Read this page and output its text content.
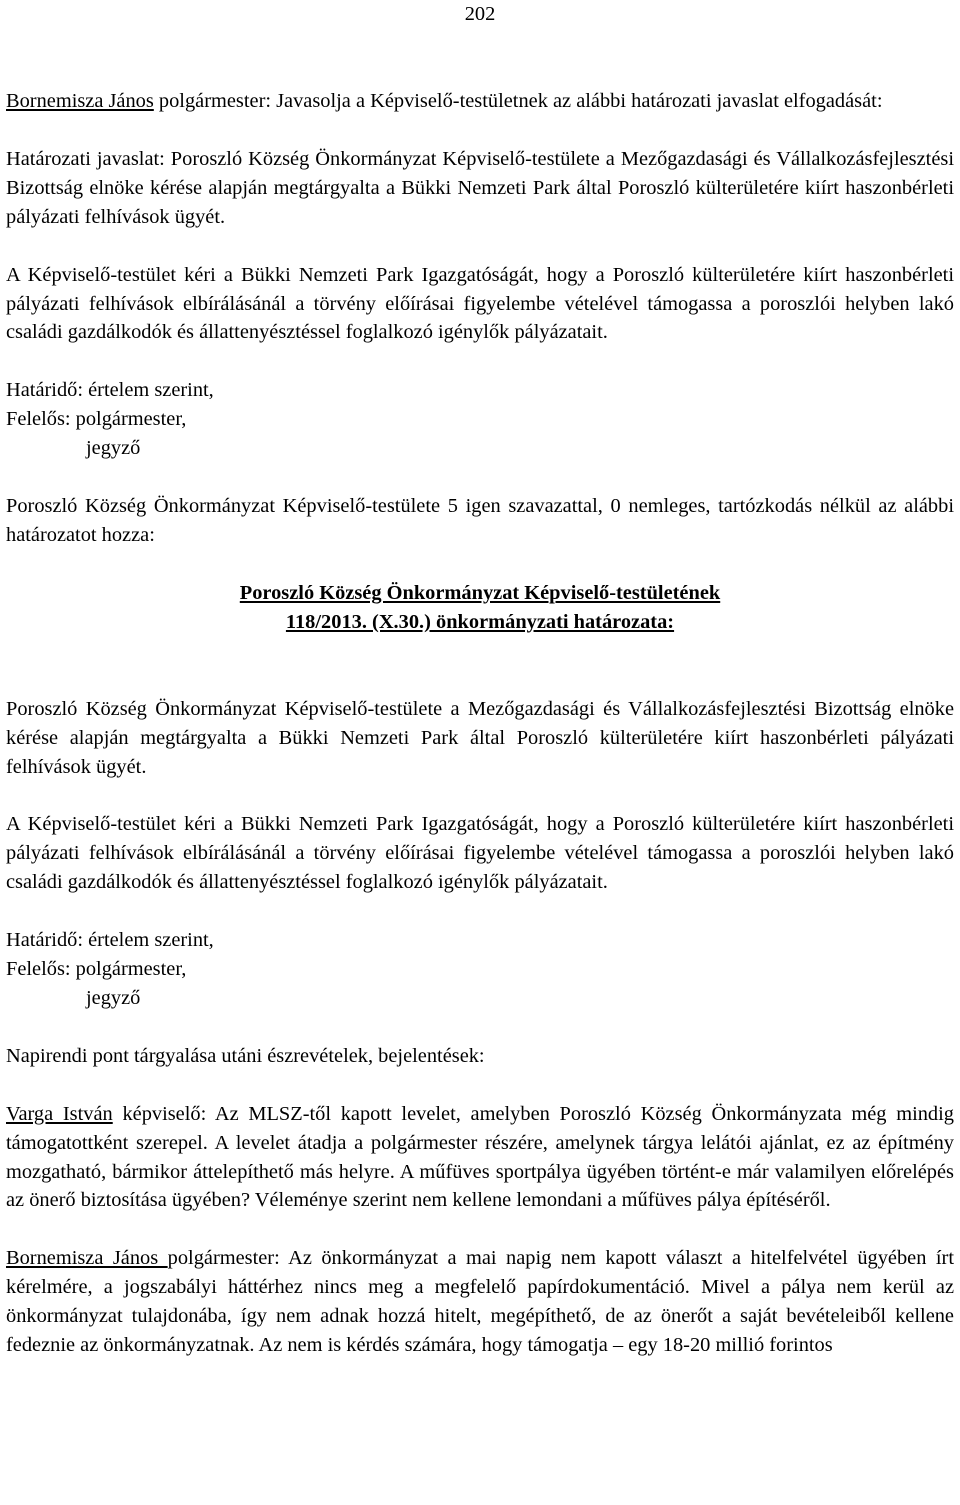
202

Bornemisza János polgármester: Javasolja a Képviselő-testületnek az alábbi határozati javaslat elfogadását:

Határozati javaslat: Poroszló Község Önkormányzat Képviselő-testülete a Mezőgazdasági és Vállalkozásfejlesztési Bizottság elnöke kérése alapján megtárgyalta a Bükki Nemzeti Park által Poroszló külterületére kiírt haszonbérleti pályázati felhívások ügyét.

A Képviselő-testület kéri a Bükki Nemzeti Park Igazgatóságát, hogy a Poroszló külterületére kiírt haszonbérleti pályázati felhívások elbírálásánál a törvény előírásai figyelembe vételével támogassa a poroszlói helyben lakó családi gazdálkodók és állattenyésztéssel foglalkozó igénylők pályázatait.

Határidő: értelem szerint,

Felelős: polgármester,

jegyző

Poroszló Község Önkormányzat Képviselő-testülete 5 igen szavazattal, 0 nemleges, tartózkodás nélkül az alábbi határozatot hozza:

Poroszló Község Önkormányzat Képviselő-testületének

118/2013. (X.30.) önkormányzati határozata:

Poroszló Község Önkormányzat Képviselő-testülete a Mezőgazdasági és Vállalkozásfejlesztési Bizottság elnöke kérése alapján megtárgyalta a Bükki Nemzeti Park által Poroszló külterületére kiírt haszonbérleti pályázati felhívások ügyét.

A Képviselő-testület kéri a Bükki Nemzeti Park Igazgatóságát, hogy a Poroszló külterületére kiírt haszonbérleti pályázati felhívások elbírálásánál a törvény előírásai figyelembe vételével támogassa a poroszlói helyben lakó családi gazdálkodók és állattenyésztéssel foglalkozó igénylők pályázatait.

Határidő: értelem szerint,

Felelős: polgármester,

jegyző

Napirendi pont tárgyalása utáni észrevételek, bejelentések:

Varga István képviselő: Az MLSZ-től kapott levelet, amelyben Poroszló Község Önkormányzata még mindig támogatottként szerepel. A levelet átadja a polgármester részére, amelynek tárgya lelátói ajánlat, ez az építmény mozgatható, bármikor áttelepíthető más helyre. A műfüves sportpálya ügyében történt-e már valamilyen előrelépés az önerő biztosítása ügyében? Véleménye szerint nem kellene lemondani a műfüves pálya építéséről.

Bornemisza János polgármester: Az önkormányzat a mai napig nem kapott választ a hitelfelvétel ügyében írt kérelmére, a jogszabályi háttérhez nincs meg a megfelelő papírdokumentáció. Mivel a pálya nem kerül az önkormányzat tulajdonába, így nem adnak hozzá hitelt, megépíthető, de az önerőt a saját bevételeiből kellene fedeznie az önkormányzatnak. Az nem is kérdés számára, hogy támogatja – egy 18-20 millió forintos
